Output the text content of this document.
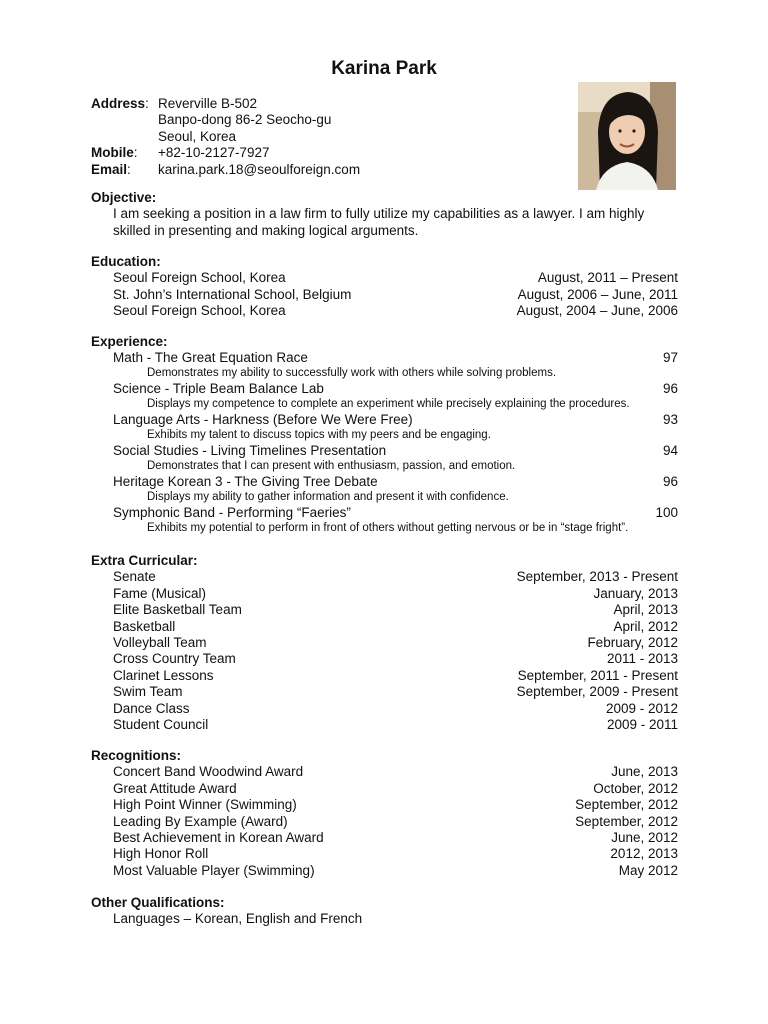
Karina Park
Address: Reverville B-502
Banpo-dong 86-2 Seocho-gu
Seoul, Korea
Mobile:	+82-10-2127-7927
Email:	karina.park.18@seoulforeign.com
Objective:
I am seeking a position in a law firm to fully utilize my capabilities as a lawyer. I am highly skilled in presenting and making logical arguments.
Education:
Seoul Foreign School, Korea	August, 2011 – Present
St. John’s International School, Belgium	August, 2006 – June, 2011
Seoul Foreign School, Korea	August, 2004 – June, 2006
Experience:
Math - The Great Equation Race	97
Demonstrates my ability to successfully work with others while solving problems.
Science - Triple Beam Balance Lab	96
Displays my competence to complete an experiment while precisely explaining the procedures.
Language Arts - Harkness (Before We Were Free)	93
Exhibits my talent to discuss topics with my peers and be engaging.
Social Studies - Living Timelines Presentation	94
Demonstrates that I can present with enthusiasm, passion, and emotion.
Heritage Korean 3 - The Giving Tree Debate	96
Displays my ability to gather information and present it with confidence.
Symphonic Band - Performing “Faeries”	100
Exhibits my potential to perform in front of others without getting nervous or be in “stage fright”.
Extra Curricular:
Senate	September, 2013 - Present
Fame (Musical)	January, 2013
Elite Basketball Team	April, 2013
Basketball	April, 2012
Volleyball Team	February, 2012
Cross Country Team	2011 - 2013
Clarinet Lessons	September, 2011 - Present
Swim Team	September, 2009 - Present
Dance Class	2009 - 2012
Student Council	2009 - 2011
Recognitions:
Concert Band Woodwind Award	June, 2013
Great Attitude Award	October, 2012
High Point Winner (Swimming)	September, 2012
Leading By Example (Award)	September, 2012
Best Achievement in Korean Award	June, 2012
High Honor Roll	2012, 2013
Most Valuable Player (Swimming)	May 2012
Other Qualifications:
Languages – Korean, English and French
